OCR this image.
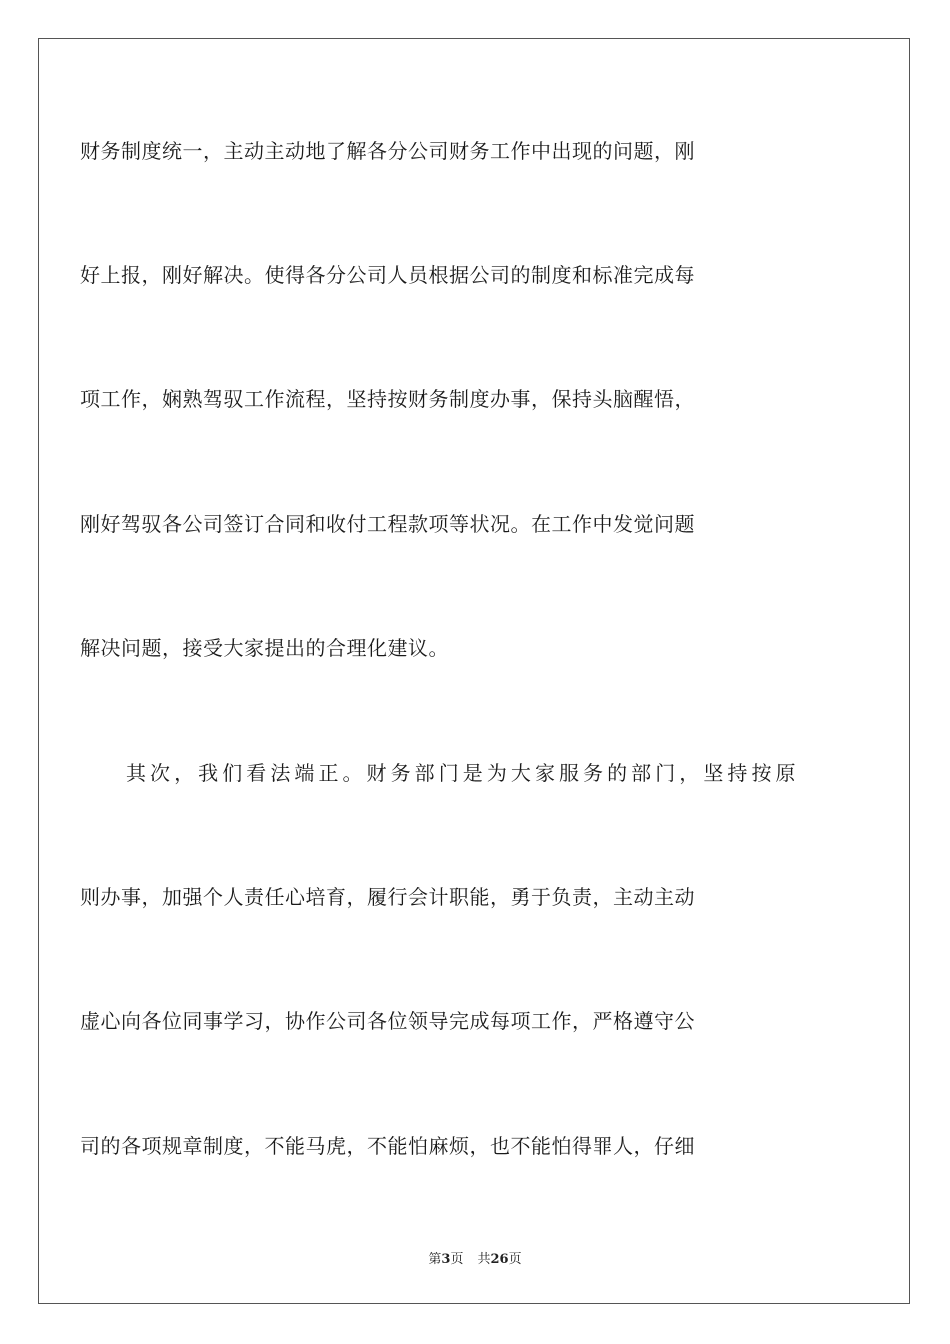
财务制度统一，主动主动地了解各分公司财务工作中出现的问题，刚
好上报，刚好解决。使得各分公司人员根据公司的制度和标准完成每
项工作，娴熟驾驭工作流程，坚持按财务制度办事，保持头脑醒悟，
刚好驾驭各公司签订合同和收付工程款项等状况。在工作中发觉问题
解决问题，接受大家提出的合理化建议。
其次，我们看法端正。财务部门是为大家服务的部门，坚持按原
则办事，加强个人责任心培育，履行会计职能，勇于负责，主动主动
虚心向各位同事学习，协作公司各位领导完成每项工作，严格遵守公
司的各项规章制度，不能马虎，不能怕麻烦，也不能怕得罪人，仔细
第3页 共26页
